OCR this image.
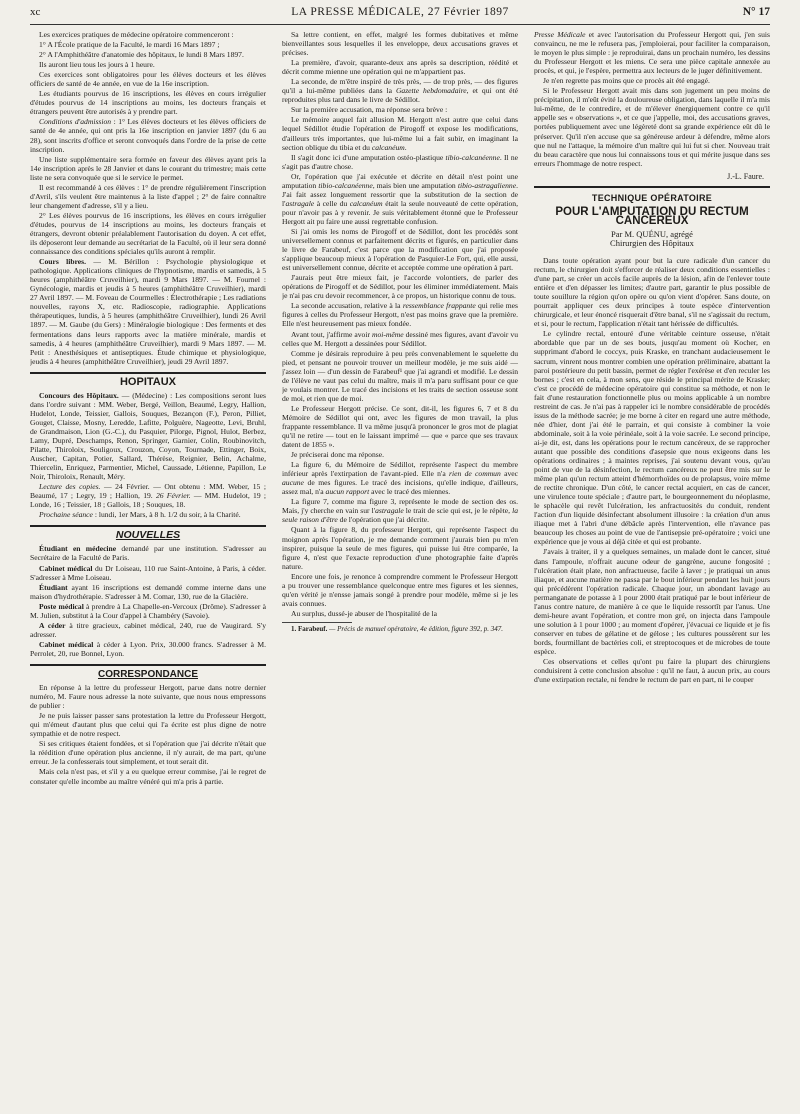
xc	LA PRESSE MÉDICALE, 27 Février 1897	N° 17

Les exercices pratiques de médecine opératoire commenceront :

1° A l'École pratique de la Faculté, le mardi 16 Mars 1897 ;

2° A l'Amphithéâtre d'anatomie des hôpitaux, le lundi 8 Mars 1897.

Ils auront lieu tous les jours à 1 heure.

Ces exercices sont obligatoires pour les élèves docteurs et les élèves officiers de santé de 4e année, en vue de la 16e inscription.

Les étudiants pourvus de 16 inscriptions, les élèves en cours irrégulier d'études pourvus de 14 inscriptions au moins, les docteurs français et étrangers peuvent être autorisés à y prendre part.

Conditions d'admission : 1° Les élèves docteurs et les élèves officiers de santé de 4e année, qui ont pris la 16e inscription en janvier 1897 (du 6 au 28), sont inscrits d'office et seront convoqués dans l'ordre de la prise de cette inscription.

Une liste supplémentaire sera formée en faveur des élèves ayant pris la 14e inscription après le 28 Janvier et dans le courant du trimestre; mais cette liste ne sera convoquée que si le service le permet.

Il est recommandé à ces élèves : 1° de prendre régulièrement l'inscription d'Avril, s'ils veulent être maintenus à la liste d'appel ; 2° de faire connaître leur changement d'adresse, s'il y a lieu.

2° Les élèves pourvus de 16 inscriptions, les élèves en cours irrégulier d'études, pourvus de 14 inscriptions au moins, les docteurs français et étrangers, devront obtenir préalablement l'autorisation du doyen. A cet effet, ils déposeront leur demande au secrétariat de la Faculté, où il leur sera donné connaissance des conditions spéciales qu'ils auront à remplir.

Cours libres. — M. Bérillon : Psychologie physiologique et pathologique. Applications cliniques de l'hypnotisme, mardis et samedis, à 5 heures (amphithéâtre Cruveilhier), mardi 9 Mars 1897. — M. Fournel : Gynécologie, mardis et jeudis à 5 heures (amphithéâtre Cruveilhier), mardi 27 Avril 1897. — M. Foveau de Courmelles : Électrothérapie ; Les radiations nouvelles, rayons X, etc. Radioscopie, radiographie. Applications thérapeutiques, lundis, à 5 heures (amphithéâtre Cruveilhier), lundi 26 Avril 1897. — M. Gaube (du Gers) : Minéralogie biologique : Des ferments et des fermentations dans leurs rapports avec la matière minérale, mardis et samedis, à 4 heures (amphithéâtre Cruveilhier), mardi 9 Mars 1897. — M. Petit : Anesthésiques et antiseptiques. Étude chimique et physiologique, jeudis à 4 heures (amphithéâtre Cruveilhier), jeudi 29 Avril 1897.

HOPITAUX

Concours des Hôpitaux. — (Médecine) : Les compositions seront lues dans l'ordre suivant : MM. Weber, Bergé, Veillon, Beaumé, Legry, Hallion, Hudelot, Londe, Teissier, Gallois, Souques, Bezançon (F.), Peron, Pilliet, Gouget, Claisse, Mosny, Leredde, Lafitte, Polguère, Nageotte, Levi, Bruhl, de Grandmaison, Lion (G.-C.), du Pasquier, Pilorge, Pignol, Hulot, Berbez, Lamy, Dupré, Deschamps, Renon, Springer, Garnier, Colin, Roubinovitch, Pilatte, Thiroloix, Souligoux, Crouzon, Coyon, Tournade, Ettinger, Boix, Auscher, Capitan, Potier, Sallard, Thérèse, Reignier, Belin, Achalme, Thiercelin, Enriquez, Parmentier, Michel, Caussade, Létienne, Papillon, Le Noir, Thiroloix, Renault, Méry.

Lecture des copies. — 24 Février. — Ont obtenu : MM. Weber, 15 ; Beaumé, 17 ; Legry, 19 ; Hallion, 19. 26 Février. — MM. Hudelot, 19 ; Londe, 16 ; Teissier, 18 ; Gallois, 18 ; Souques, 18.

Prochaine séance : lundi, 1er Mars, à 8 h. 1/2 du soir, à la Charité.

NOUVELLES

Étudiant en médecine demandé par une institution. S'adresser au Secrétaire de la Faculté de Paris.

Cabinet médical du Dr Loiseau, 110 rue Saint-Antoine, à Paris, à céder. S'adresser à Mme Loiseau.

Étudiant ayant 16 inscriptions est demandé comme interne dans une maison d'hydrothérapie. S'adresser à M. Comar, 130, rue de la Glacière.

Poste médical à prendre à La Chapelle-en-Vercoux (Drôme). S'adresser à M. Julien, substitut à la Cour d'appel à Chambéry (Savoie).

A céder à titre gracieux, cabinet médical, 240, rue de Vaugirard. S'y adresser.

Cabinet médical à céder à Lyon. Prix, 30.000 francs. S'adresser à M. Perrolet, 20, rue Bonnel, Lyon.

CORRESPONDANCE

En réponse à la lettre du professeur Hergott, parue dans notre dernier numéro, M. Faure nous adresse la note suivante, que nous nous empressons de publier :

Je ne puis laisser passer sans protestation la lettre du Professeur Hergott, qui m'émeut d'autant plus que celui qui l'a écrite est plus digne de notre sympathie et de notre respect.

Si ses critiques étaient fondées, et si l'opération que j'ai décrite n'était que la réédition d'une opération plus ancienne, il n'y aurait, de ma part, qu'une erreur. Je la confesserais tout simplement, et tout serait dit.

Mais cela n'est pas, et s'il y a eu quelque erreur commise, j'ai le regret de constater qu'elle incombe au maître vénéré qui m'a pris à partie.

Sa lettre contient, en effet, malgré les formes dubitatives et même bienveillantes sous lesquelles il les enveloppe, deux accusations graves et précises.

La première, d'avoir, quarante-deux ans après sa description, réédité et décrit comme mienne une opération qui ne m'appartient pas.

La seconde, de m'être inspiré de très près, — de trop près, — des figures qu'il a lui-même publiées dans la Gazette hebdomadaire, et qui ont été reproduites plus tard dans le livre de Sédillot.

Sur la première accusation, ma réponse sera brève :

Le mémoire auquel fait allusion M. Hergott n'est autre que celui dans lequel Sédillot étudie l'opération de Pirogoff et expose les modifications, d'ailleurs très importantes, que lui-même lui a fait subir, en imaginant la section oblique du tibia et du calcanéum.

Il s'agit donc ici d'une amputation ostéo-plastique tibio-calcanéenne. Il ne s'agit pas d'autre chose.

Or, l'opération que j'ai exécutée et décrite en détail n'est point une amputation tibio-calcanéenne, mais bien une amputation tibio-astragalienne. J'ai fait assez longuement ressortir que la substitution de la section de l'astragale à celle du calcanéum était la seule nouveauté de cette opération, pour n'avoir pas à y revenir. Je suis véritablement étonné que le Professeur Hergott ait pu faire une aussi regrettable confusion.

Si j'ai omis les noms de Pirogoff et de Sédillot, dont les procédés sont universellement connus et parfaitement décrits et figurés, en particulier dans le livre de Farabeuf, c'est parce que la modification que j'ai proposée s'applique beaucoup mieux à l'opération de Pasquier-Le Fort, qui, elle aussi, est universellement connue, décrite et acceptée comme une opération à part.

J'aurais peut être mieux fait, je l'accorde volontiers, de parler des opérations de Pirogoff et de Sédillot, pour les éliminer immédiatement. Mais je n'ai pas cru devoir recommencer, à ce propos, un historique connu de tous.

La seconde accusation, relative à la ressemblance frappante qui relie mes figures à celles du Professeur Hergott, n'est pas moins grave que la première. Elle n'est heureusement pas mieux fondée.

Avant tout, j'affirme avoir moi-même dessiné mes figures, avant d'avoir vu celles que M. Hergott a dessinées pour Sédillot.

Comme je désirais reproduire à peu près convenablement le squelette du pied, et pensant ne pouvoir trouver un meilleur modèle, je me suis aidé — j'assez loin — d'un dessin de Farabeuf¹ que j'ai agrandi et modifié. Le dessin de l'élève ne vaut pas celui du maître, mais il m'a paru suffisant pour ce que je voulais montrer. Le tracé des incisions et les traits de section osseuse sont de moi, et rien que de moi.

Le Professeur Hergott précise. Ce sont, dit-il, les figures 6, 7 et 8 du Mémoire de Sédillot qui ont, avec les figures de mon travail, la plus frappante ressemblance. Il va même jusqu'à prononcer le gros mot de plagiat qu'il ne retire — tout en le laissant imprimé — que « parce que ses travaux datent de 1855 ».

Je préciserai donc ma réponse.

La figure 6, du Mémoire de Sédillot, représente l'aspect du membre inférieur après l'extirpation de l'avant-pied. Elle n'a rien de commun avec aucune de mes figures. Le tracé des incisions, qu'elle indique, d'ailleurs, assez mal, n'a aucun rapport avec le tracé des miennes.

La figure 7, comme ma figure 3, représente le mode de section des os. Mais, j'y cherche en vain sur l'astragale le trait de scie qui est, je le répète, la seule raison d'être de l'opération que j'ai décrite.

Quant à la figure 8, du professeur Hergott, qui représente l'aspect du moignon après l'opération, je me demande comment j'aurais bien pu m'en inspirer, puisque la seule de mes figures, qui puisse lui être comparée, la figure 4, n'est que l'exacte reproduction d'une photographie faite d'après nature.

Encore une fois, je renonce à comprendre comment le Professeur Hergott a pu trouver une ressemblance quelconque entre mes figures et les siennes, qu'en vérité je n'ensse jamais songé à prendre pour modèle, même si je les avais connues.

Au surplus, dussé-je abuser de l'hospitalité de la

1. Farabeuf. — Précis de manuel opératoire, 4e édition, figure 392, p. 347.

Presse Médicale et avec l'autorisation du Professeur Hergott qui, j'en suis convaincu, ne me le refusera pas, j'emploierai, pour faciliter la comparaison, le moyen le plus simple : je reproduirai, dans un prochain numéro, les dessins du Professeur Hergott et les miens. Ce sera une pièce capitale annexée au procès, et qui, je l'espère, permettra aux lecteurs de le juger définitivement.

Je n'en regrette pas moins que ce procès ait été engagé.

Si le Professeur Hergott avait mis dans son jugement un peu moins de précipitation, il m'eût évité la douloureuse obligation, dans laquelle il m'a mis lui-même, de le contredire, et de m'élever énergiquement contre ce qu'il appelle ses « observations », et ce que j'appelle, moi, des accusations graves, portées publiquement avec une légèreté dont sa grande expérience eût dû le préserver. Qu'il n'en accuse que sa généreuse ardeur à défendre, même alors que nul ne l'attaque, la mémoire d'un maître qui lui fut si cher. Nouveau trait du beau caractère que nous lui connaissons tous et qui mérite jusque dans ses erreurs l'hommage de notre respect.

J.-L. Faure.
TECHNIQUE OPÉRATOIRE
POUR L'AMPUTATION DU RECTUM CANCÉREUX
Par M. QUÉNU, agrégé
Chirurgien des Hôpitaux

Dans toute opération ayant pour but la cure radicale d'un cancer du rectum, le chirurgien doit s'efforcer de réaliser deux conditions essentielles : d'une part, se créer un accès facile auprès de la lésion, afin de l'enlever toute entière et d'en dépasser les limites; d'autre part, garantir le plus possible de toute souillure la région qu'on opère ou qu'on vient d'opérer. Sans doute, on pourrait appliquer ces deux principes à toute espèce d'intervention chirurgicale, et leur énoncé risquerait d'être banal, s'il ne s'agissait du rectum, et si, pour le rectum, l'application n'était tant hérissée de difficultés.

Le cylindre rectal, entouré d'une véritable ceinture osseuse, n'était abordable que par un de ses bouts, jusqu'au moment où Kocher, en supprimant d'abord le coccyx, puis Kraske, en tranchant audacieusement le sacrum, vinrent nous montrer combien une opération préliminaire, abattant la paroi postérieure du petit bassin, permet de régler l'exérèse et d'en reculer les bornes ; c'est en cela, à mon sens, que réside le principal mérite de Kraske; c'est ce procédé de médecine opératoire qui constitue sa méthode, et non le fait d'une restauration fonctionnelle plus ou moins applicable à un nombre restreint de cas. Je n'ai pas à rappeler ici le nombre considérable de procédés issus de la méthode sacrée; je me borne à citer en regard une autre méthode, née d'hier, dont j'ai été le parrain, et qui consiste à combiner la voie abdominale, soit à la voie périnéale, soit à la voie sacrée. Le second principe, ai-je dit, est, dans les opérations pour le rectum cancéreux, de se rapprocher autant que possible des conditions d'asepsie que nous exigeons dans les opérations ordinaires ; à maintes reprises, j'ai soutenu devant vous, qu'au point de vue de la désinfection, le rectum cancéreux ne peut être mis sur le même plan qu'un rectum atteint d'hémorrhoïdes ou de prolapsus, voire même de rectite chronique. D'un côté, le cancer rectal acquiert, en cas de cancer, une virulence toute spéciale ; d'autre part, le bourgeonnement du néoplasme, le sphacèle qui revêt l'ulcération, les anfractuosités du conduit, rendent l'action d'un liquide désinfectant absolument illusoire : la création d'un anus iliaque met à l'abri d'une débâcle après l'intervention, elle n'avance pas beaucoup les choses au point de vue de l'antisepsie pré-opératoire ; voici une expérience que je vous ai déjà citée et qui est probante.

J'avais à traiter, il y a quelques semaines, un malade dont le cancer, situé dans l'ampoule, n'offrait aucune odeur de gangrène, aucune fongosité ; l'ulcération était plate, non anfractueuse, facile à laver ; je pratiquai un anus iliaque, et aucune matière ne passa par le bout inférieur pendant les huit jours qui précédèrent l'opération radicale. Chaque jour, un abondant lavage au permanganate de potasse à 1 pour 2000 était pratiqué par le bout inférieur de l'anus contre nature, de manière à ce que le liquide ressortît par l'anus. Une demi-heure avant l'opération, et contre mon gré, on injecta dans l'ampoule une solution à 1 pour 1000 ; au moment d'opérer, j'évacuai ce liquide et je fis conserver en tubes de gélatine et de gélose ; les cultures poussèrent sur les bords, fourmillant de bactéries coli, et streptocoques et de microbes de toute espèce.

Ces observations et celles qu'ont pu faire la plupart des chirurgiens conduisirent à cette conclusion absolue : qu'il ne faut, à aucun prix, au cours d'une extirpation rectale, ni fendre le rectum de part en part, ni le couper
